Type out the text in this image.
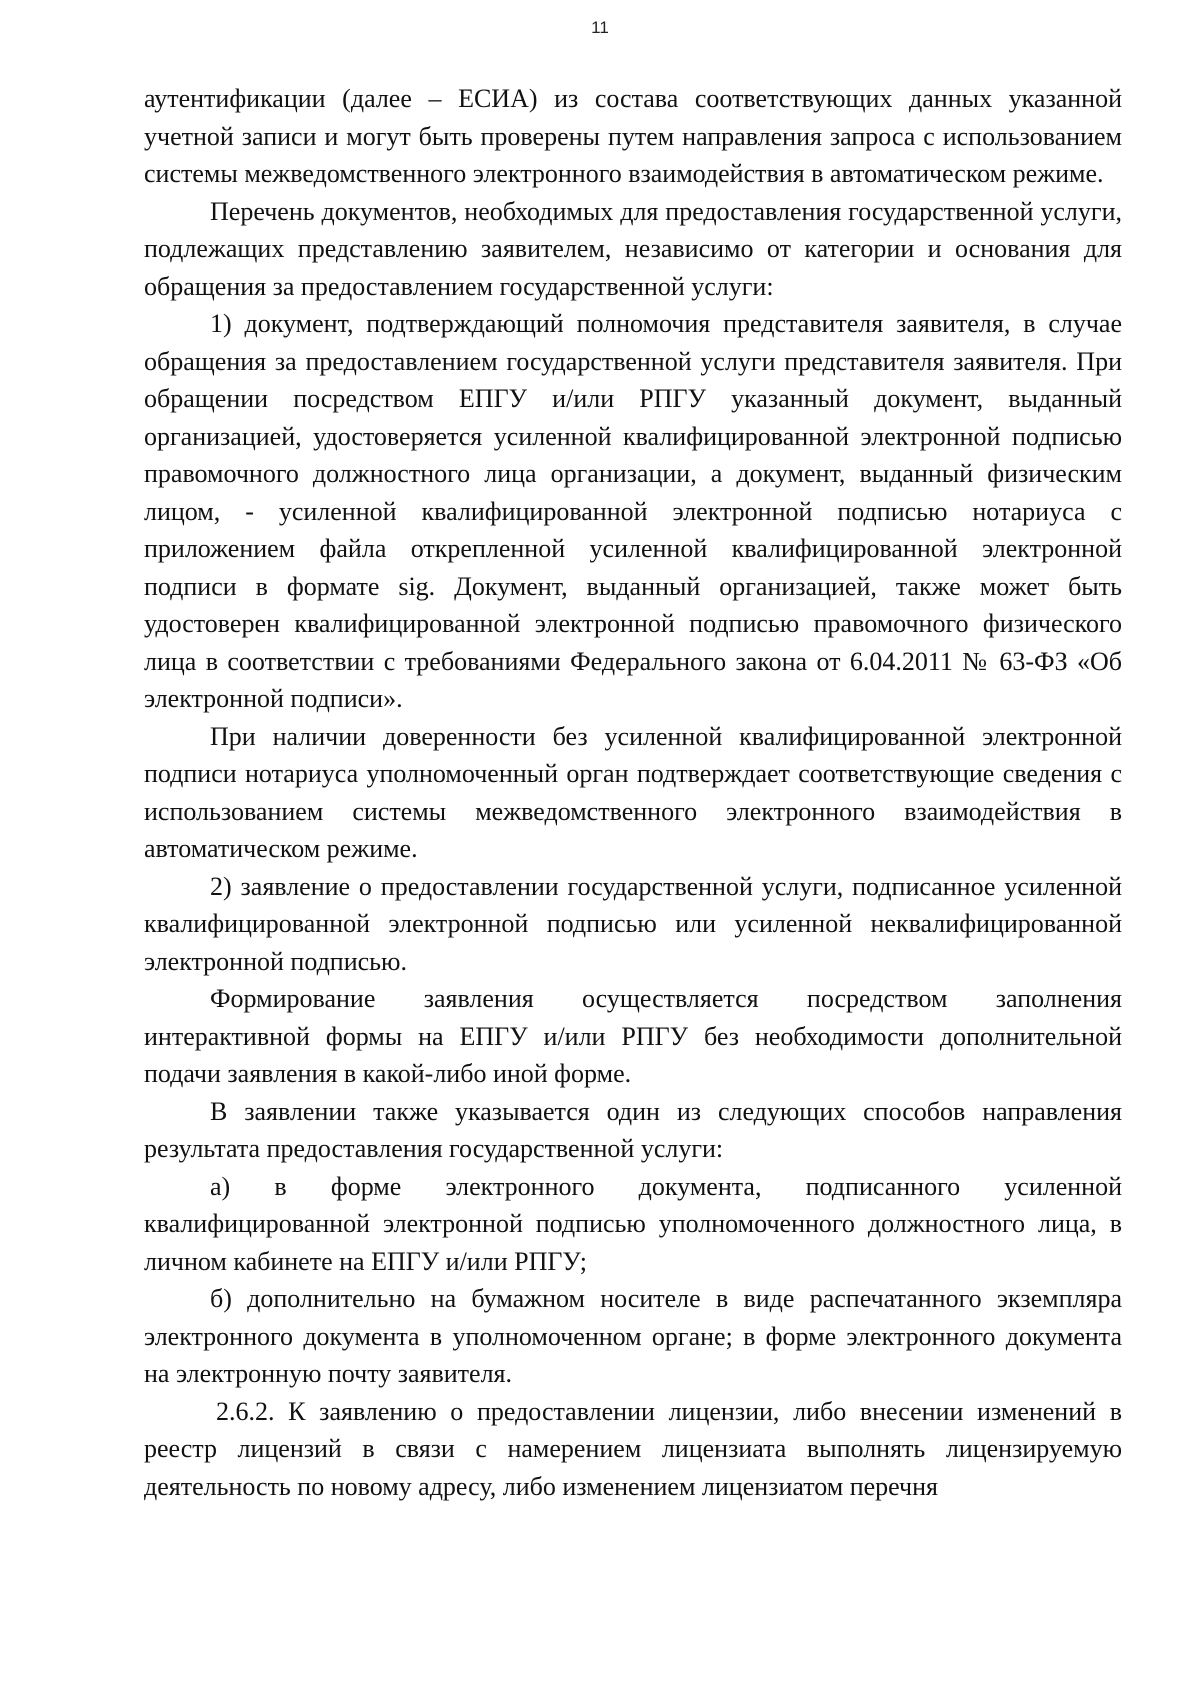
11

аутентификации (далее – ЕСИА) из состава соответствующих данных указанной учетной записи и могут быть проверены путем направления запроса с использованием системы межведомственного электронного взаимодействия в автоматическом режиме.

Перечень документов, необходимых для предоставления государственной услуги, подлежащих представлению заявителем, независимо от категории и основания для обращения за предоставлением государственной услуги:

1) документ, подтверждающий полномочия представителя заявителя, в случае обращения за предоставлением государственной услуги представителя заявителя. При обращении посредством ЕПГУ и/или РПГУ указанный документ, выданный организацией, удостоверяется усиленной квалифицированной электронной подписью правомочного должностного лица организации, а документ, выданный физическим лицом, - усиленной квалифицированной электронной подписью нотариуса с приложением файла открепленной усиленной квалифицированной электронной подписи в формате sig. Документ, выданный организацией, также может быть удостоверен квалифицированной электронной подписью правомочного физического лица в соответствии с требованиями Федерального закона от 6.04.2011 № 63-ФЗ «Об электронной подписи».

При наличии доверенности без усиленной квалифицированной электронной подписи нотариуса уполномоченный орган подтверждает соответствующие сведения с использованием системы межведомственного электронного взаимодействия в автоматическом режиме.

2) заявление о предоставлении государственной услуги, подписанное усиленной квалифицированной электронной подписью или усиленной неквалифицированной электронной подписью.

Формирование заявления осуществляется посредством заполнения интерактивной формы на ЕПГУ и/или РПГУ без необходимости дополнительной подачи заявления в какой-либо иной форме.

В заявлении также указывается один из следующих способов направления результата предоставления государственной услуги:

а) в форме электронного документа, подписанного усиленной квалифицированной электронной подписью уполномоченного должностного лица, в личном кабинете на ЕПГУ и/или РПГУ;

б) дополнительно на бумажном носителе в виде распечатанного экземпляра электронного документа в уполномоченном органе; в форме электронного документа на электронную почту заявителя.

2.6.2. К заявлению о предоставлении лицензии, либо внесении изменений в реестр лицензий в связи с намерением лицензиата выполнять лицензируемую деятельность по новому адресу, либо изменением лицензиатом перечня
